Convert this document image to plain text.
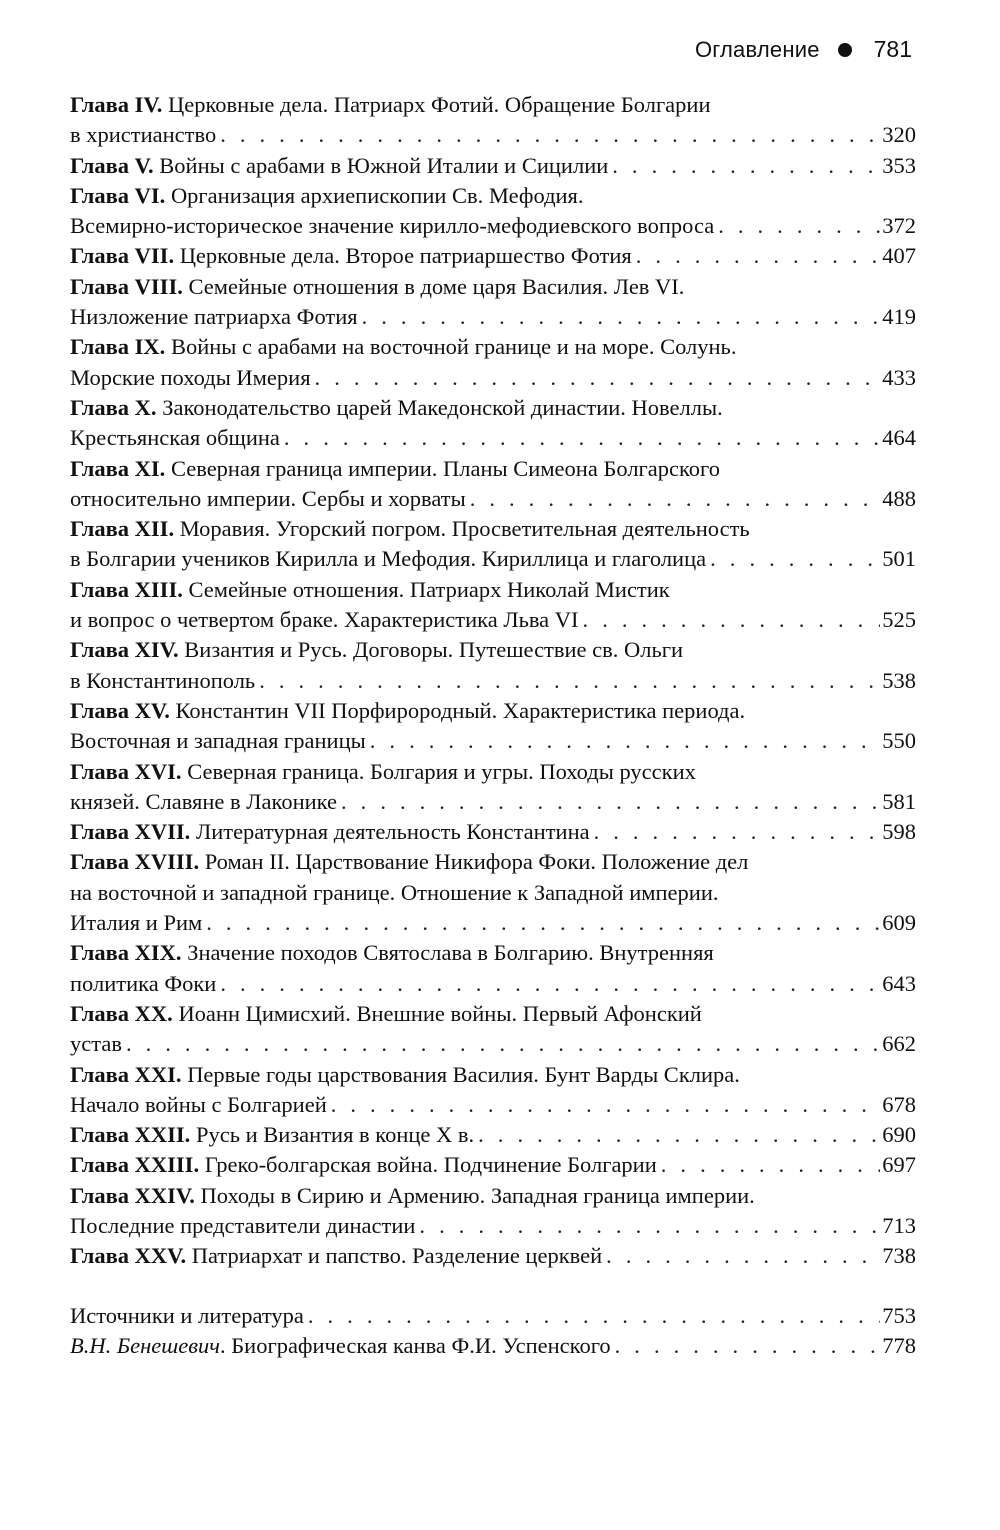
Оглавление 781
Глава IV. Церковные дела. Патриарх Фотий. Обращение Болгарии
в христианство . . .	320
Глава V. Войны с арабами в Южной Италии и Сицилии . . .	353
Глава VI. Организация архиепископии Св. Мефодия.
Всемирно-историческое значение кирилло-мефодиевского вопроса . . .	372
Глава VII. Церковные дела. Второе патриаршество Фотия . . .	407
Глава VIII. Семейные отношения в доме царя Василия. Лев VI.
Низложение патриарха Фотия . . .	419
Глава IX. Войны с арабами на восточной границе и на море. Солунь.
Морские походы Имерия . . .	433
Глава X. Законодательство царей Македонской династии. Новеллы.
Крестьянская община . . .	464
Глава XI. Северная граница империи. Планы Симеона Болгарского
относительно империи. Сербы и хорваты . . .	488
Глава XII. Моравия. Угорский погром. Просветительная деятельность
в Болгарии учеников Кирилла и Мефодия. Кириллица и глаголица . . .	501
Глава XIII. Семейные отношения. Патриарх Николай Мистик
и вопрос о четвертом браке. Характеристика Льва VI . . .	525
Глава XIV. Византия и Русь. Договоры. Путешествие св. Ольги
в Константинополь . . .	538
Глава XV. Константин VII Порфирородный. Характеристика периода.
Восточная и западная границы . . .	550
Глава XVI. Северная граница. Болгария и угры. Походы русских
князей. Славяне в Лаконике . . .	581
Глава XVII. Литературная деятельность Константина . . .	598
Глава XVIII. Роман II. Царствование Никифора Фоки. Положение дел
на восточной и западной границе. Отношение к Западной империи.
Италия и Рим . . .	609
Глава XIX. Значение походов Святослава в Болгарию. Внутренняя
политика Фоки . . .	643
Глава XX. Иоанн Цимисхий. Внешние войны. Первый Афонский
устав . . .	662
Глава XXI. Первые годы царствования Василия. Бунт Варды Склира.
Начало войны с Болгарией . . .	678
Глава XXII. Русь и Византия в конце X в. . . .	690
Глава XXIII. Греко-болгарская война. Подчинение Болгарии . . .	697
Глава XXIV. Походы в Сирию и Армению. Западная граница империи.
Последние представители династии . . .	713
Глава XXV. Патриархат и папство. Разделение церквей . . .	738
Источники и литература . . .	753
В.Н. Бенешевич. Биографическая канва Ф.И. Успенского . . .	778
